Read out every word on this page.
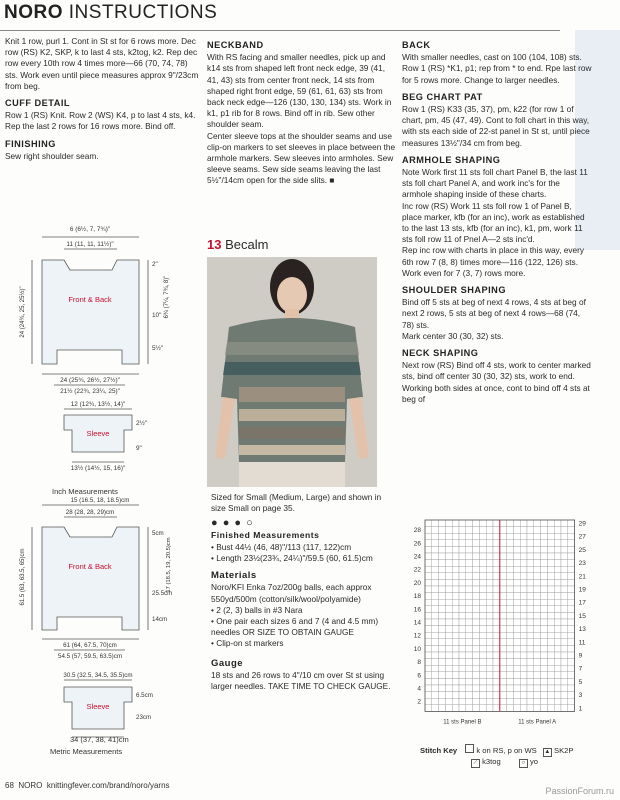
NORO INSTRUCTIONS

Knit 1 row, purl 1. Cont in St st for 6 rows more. Dec row (RS) K2, SKP, k to last 4 sts, k2tog, k2. Rep dec row every 10th row 4 times more—66 (70, 74, 78) sts. Work even until piece measures approx 9"/23cm from beg.

CUFF DETAIL

Row 1 (RS) Knit. Row 2 (WS) K4, p to last 4 sts, k4. Rep the last 2 rows for 16 rows more. Bind off.

FINISHING

Sew right shoulder seam.

6 (6½, 7, 7¾)"
11 (11, 11, 11½)"
2"
6¾ (7¼, 7¾, 8)"
10"
5½"
24 (24¾, 25, 25½)"	Front & Back
24 (25¾, 26½, 27½)"
21½ (22¾, 23¼, 25)"
12 (12¾, 13½, 14)"
Sleeve
2½"
9"
13½ (14½, 15, 16)"
Inch Measurements
15 (16.5, 18, 18.5)cm
28 (28, 28, 29)cm
5cm
17 (18.5, 19, 20.5)cm
25.5cm
14cm
61.5 (63, 63.5, 65)cm	Front & Back
61 (64, 67.5, 70)cm
54.5 (57, 59.5, 63.5)cm
30.5 (32.5, 34.5, 35.5)cm
Sleeve
6.5cm
23cm
34 (37, 38, 41)cm
Metric Measurements
NECKBAND

With RS facing and smaller needles, pick up and k14 sts from shaped left front neck edge, 39 (41, 41, 43) sts from center front neck, 14 sts from shaped right front edge, 59 (61, 61, 63) sts from back neck edge—126 (130, 130, 134) sts. Work in k1, p1 rib for 8 rows. Bind off in rib. Sew other shoulder seam.

Center sleeve tops at the shoulder seams and use clip-on markers to set sleeves in place between the armhole markers. Sew sleeves into armholes. Sew sleeve seams. Sew side seams leaving the last 5½"/14cm open for the side slits. ■

13 Becalm

Sized for Small (Medium, Large) and shown in size Small on page 35.

● ● ● ○
Finished Measurements

• Bust 44½ (46, 48)"/113 (117, 122)cm

• Length 23½(23¾, 24¼)"/59.5 (60, 61.5)cm

Materials

Noro/KFI Enka 7oz/200g balls, each approx 550yd/500m (cotton/silk/wool/polyamide)

• 2 (2, 3) balls in #3 Nara

• One pair each sizes 6 and 7 (4 and 4.5 mm) needles OR SIZE TO OBTAIN GAUGE

• Clip-on st markers

Gauge

18 sts and 26 rows to 4"/10 cm over St st using larger needles. TAKE TIME TO CHECK GAUGE.

BACK

With smaller needles, cast on 100 (104, 108) sts. Row 1 (RS) *K1, p1; rep from * to end. Rpe last row for 5 rows more. Change to larger needles.

BEG CHART PAT

Row 1 (RS) K33 (35, 37), pm, k22 (for row 1 of chart, pm, 45 (47, 49). Cont to foll chart in this way, with sts each side of 22-st panel in St st, until piece measures 13½"/34 cm from beg.

ARMHOLE SHAPING

Note Work first 11 sts foll chart Panel B, the last 11 sts foll chart Panel A, and work inc's for the armhole shaping inside of these charts.

Inc row (RS) Work 11 sts foll row 1 of Panel B, place marker, kfb (for an inc), work as established to the last 13 sts, kfb (for an inc), k1, pm, work 11 sts foll row 11 of Pnel A—2 sts inc'd.

Rep inc row with charts in place in this way, every 6th row 7 (8, 8) times more—116 (122, 126) sts.

Work even for 7 (3, 7) rows more.

SHOULDER SHAPING

Bind off 5 sts at beg of next 4 rows, 4 sts at beg of next 2 rows, 5 sts at beg of next 4 rows—68 (74, 78) sts.

Mark center 30 (30, 32) sts.

NECK SHAPING

Next row (RS) Bind off 4 sts, work to center marked sts, bind off center 30 (30, 32) sts, work to end. Working both sides at once, cont to bind off 4 sts at beg of

28
26
24
22
20
18
16
14
12
10
8
6
4
2
29
27
25
23
21
19
17
15
13
11
9
7
5
3
1
11 sts Panel B	11 sts Panel A
Stitch Key	k on RS, p on WS ▲ SK2P
⟋ k3tog	○ yo
68 NORO knittingfever.com/brand/noro/yarns
PassionForum.ru
